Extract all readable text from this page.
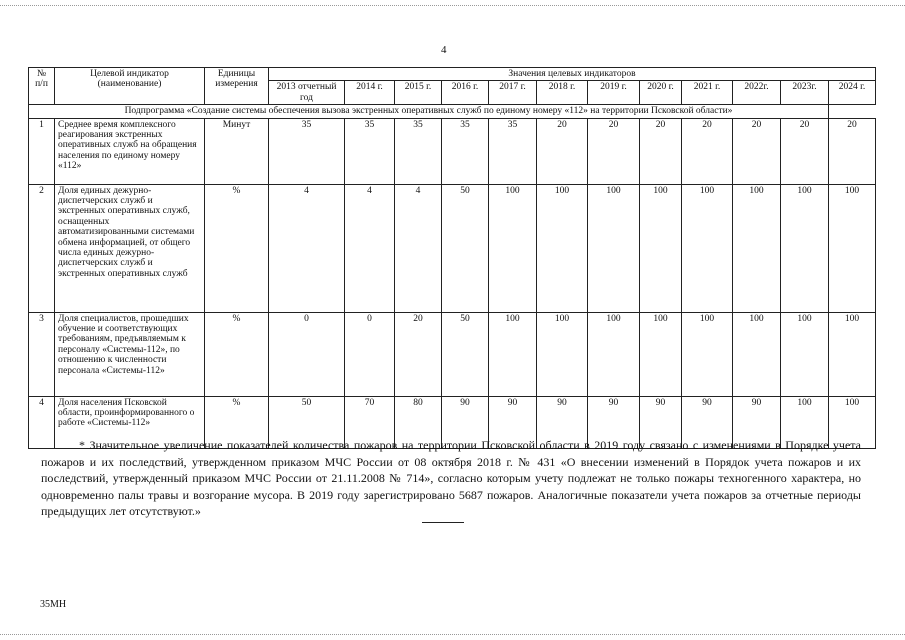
4
№ п/п	Целевой индикатор (наименование)	Единицы измерения	Значения целевых индикаторов											
			2013 отчетный год	2014 г.	2015 г.	2016 г.	2017 г.	2018 г.	2019 г.	2020 г.	2021 г.	2022г.	2023г.	2024 г.
Подпрограмма «Создание системы обеспечения вызова экстренных оперативных служб по единому номеру «112» на территории Псковской области»														
1	Среднее время комплексного реагирования экстренных оперативных служб на обращения населения по единому номеру «112»	Минут	35	35	35	35	35	20	20	20	20	20	20	20
2	Доля единых дежурно-диспетчерских служб и экстренных оперативных служб, оснащенных автоматизированными системами обмена информацией, от общего числа единых дежурно-диспетчерских служб и экстренных оперативных служб	%	4	4	4	50	100	100	100	100	100	100	100	100
3	Доля специалистов, прошедших обучение и соответствующих требованиям, предъявляемым к персоналу «Системы-112», по отношению к численности персонала «Системы-112»	%	0	0	20	50	100	100	100	100	100	100	100	100
4	Доля населения Псковской области, проинформированного о работе «Системы-112»	%	50	70	80	90	90	90	90	90	90	90	100	100

* Значительное увеличение показателей количества пожаров на территории Псковской области в 2019 году связано с изменениями в Порядке учета пожаров и их последствий, утвержденном приказом МЧС России от 08 октября 2018 г. № 431 «О внесении изменений в Порядок учета пожаров и их последствий, утвержденный приказом МЧС России от 21.11.2008 № 714», согласно которым учету подлежат не только пожары техногенного характера, но одновременно палы травы и возгорание мусора. В 2019 году зарегистрировано 5687 пожаров. Аналогичные показатели учета пожаров за отчетные периоды предыдущих лет отсутствуют.»

35МН
